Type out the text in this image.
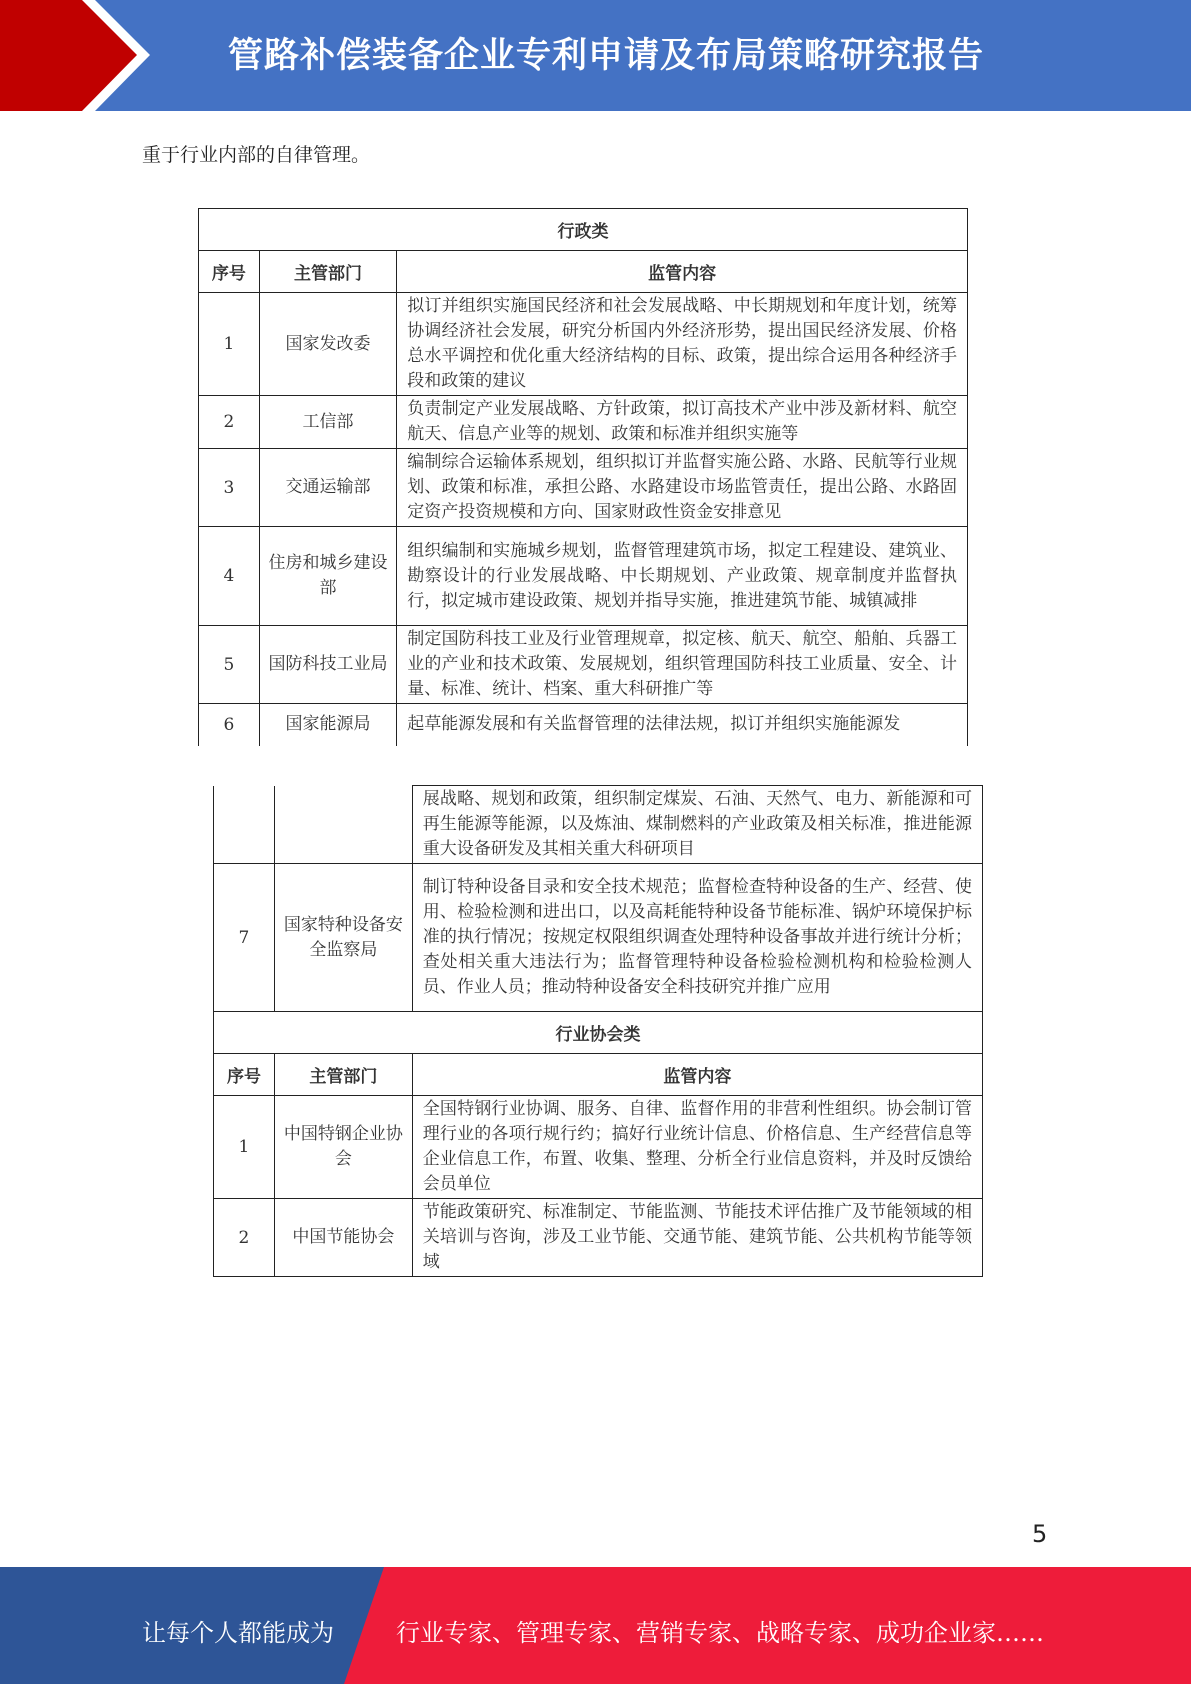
管路补偿装备企业专利申请及布局策略研究报告
重于行业内部的自律管理。
行政类		
序号	主管部门	监管内容
1	国家发改委	拟订并组织实施国民经济和社会发展战略、中长期规划和年度计划，统筹协调经济社会发展，研究分析国内外经济形势，提出国民经济发展、价格总水平调控和优化重大经济结构的目标、政策，提出综合运用各种经济手段和政策的建议
2	工信部	负责制定产业发展战略、方针政策，拟订高技术产业中涉及新材料、航空航天、信息产业等的规划、政策和标准并组织实施等
3	交通运输部	编制综合运输体系规划，组织拟订并监督实施公路、水路、民航等行业规划、政策和标准，承担公路、水路建设市场监管责任，提出公路、水路固定资产投资规模和方向、国家财政性资金安排意见
4	住房和城乡建设部	组织编制和实施城乡规划，监督管理建筑市场，拟定工程建设、建筑业、勘察设计的行业发展战略、中长期规划、产业政策、规章制度并监督执行，拟定城市建设政策、规划并指导实施，推进建筑节能、城镇减排
5	国防科技工业局	制定国防科技工业及行业管理规章，拟定核、航天、航空、船舶、兵器工业的产业和技术政策、发展规划，组织管理国防科技工业质量、安全、计量、标准、统计、档案、重大科研推广等
6	国家能源局	起草能源发展和有关监督管理的法律法规，拟订并组织实施能源发
		展战略、规划和政策，组织制定煤炭、石油、天然气、电力、新能源和可再生能源等能源，以及炼油、煤制燃料的产业政策及相关标准，推进能源重大设备研发及其相关重大科研项目
7	国家特种设备安全监察局	制订特种设备目录和安全技术规范；监督检查特种设备的生产、经营、使用、检验检测和进出口，以及高耗能特种设备节能标准、锅炉环境保护标准的执行情况；按规定权限组织调查处理特种设备事故并进行统计分析；查处相关重大违法行为；监督管理特种设备检验检测机构和检验检测人员、作业人员；推动特种设备安全科技研究并推广应用
行业协会类		
序号	主管部门	监管内容
1	中国特钢企业协会	全国特钢行业协调、服务、自律、监督作用的非营利性组织。协会制订管理行业的各项行规行约；搞好行业统计信息、价格信息、生产经营信息等企业信息工作，布置、收集、整理、分析全行业信息资料，并及时反馈给会员单位
2	中国节能协会	节能政策研究、标准制定、节能监测、节能技术评估推广及节能领域的相关培训与咨询，涉及工业节能、交通节能、建筑节能、公共机构节能等领域
5
让每个人都能成为	行业专家、管理专家、营销专家、战略专家、成功企业家……
